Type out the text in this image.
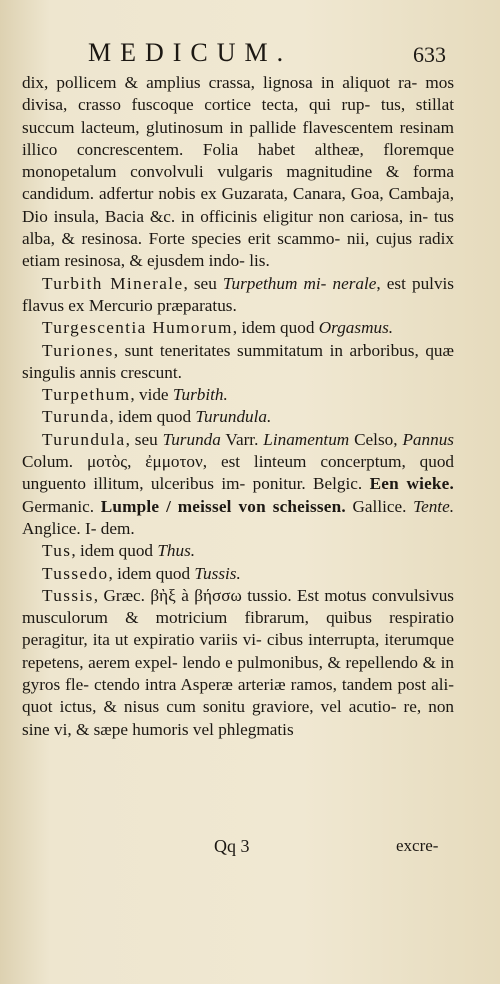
MEDICUM.	633

dix, pollicem & amplius crassa, lignosa in aliquot ra- mos divisa, crasso fuscoque cortice tecta, qui rup- tus, stillat succum lacteum, glutinosum in pallide flavescentem resinam illico concrescentem. Folia habet altheæ, floremque monopetalum convolvuli vulgaris magnitudine & forma candidum. adfertur nobis ex Guzarata, Canara, Goa, Cambaja, Dio insula, Bacia &c. in officinis eligitur non cariosa, in- tus alba, & resinosa. Forte species erit scammo- nii, cujus radix etiam resinosa, & ejusdem indo- lis.

Turbith Minerale, seu Turpethum mi- nerale, est pulvis flavus ex Mercurio præparatus.

Turgescentia Humorum, idem quod Orgasmus.

Turiones, sunt teneritates summitatum in arboribus, quæ singulis annis crescunt.

Turpethum, vide Turbith.

Turunda, idem quod Turundula.

Turundula, seu Turunda Varr. Linamentum Celso, Pannus Colum. μοτὸς, ἐμμοτον, est linteum concerptum, quod unguento illitum, ulceribus im- ponitur. Belgic. Een wieke. Germanic. Lumple / meissel von scheissen. Gallice. Tente. Anglice. I- dem.

Tus, idem quod Thus.

Tussedo, idem quod Tussis.

Tussis, Græc. βὴξ à βήσσω tussio. Est motus convulsivus musculorum & motricium fibrarum, quibus respiratio peragitur, ita ut expiratio variis vi- cibus interrupta, iterumque repetens, aerem expel- lendo e pulmonibus, & repellendo & in gyros fle- ctendo intra Asperæ arteriæ ramos, tandem post ali- quot ictus, & nisus cum sonitu graviore, vel acutio- re, non sine vi, & sæpe humoris vel phlegmatis

Qq 3	excre-
